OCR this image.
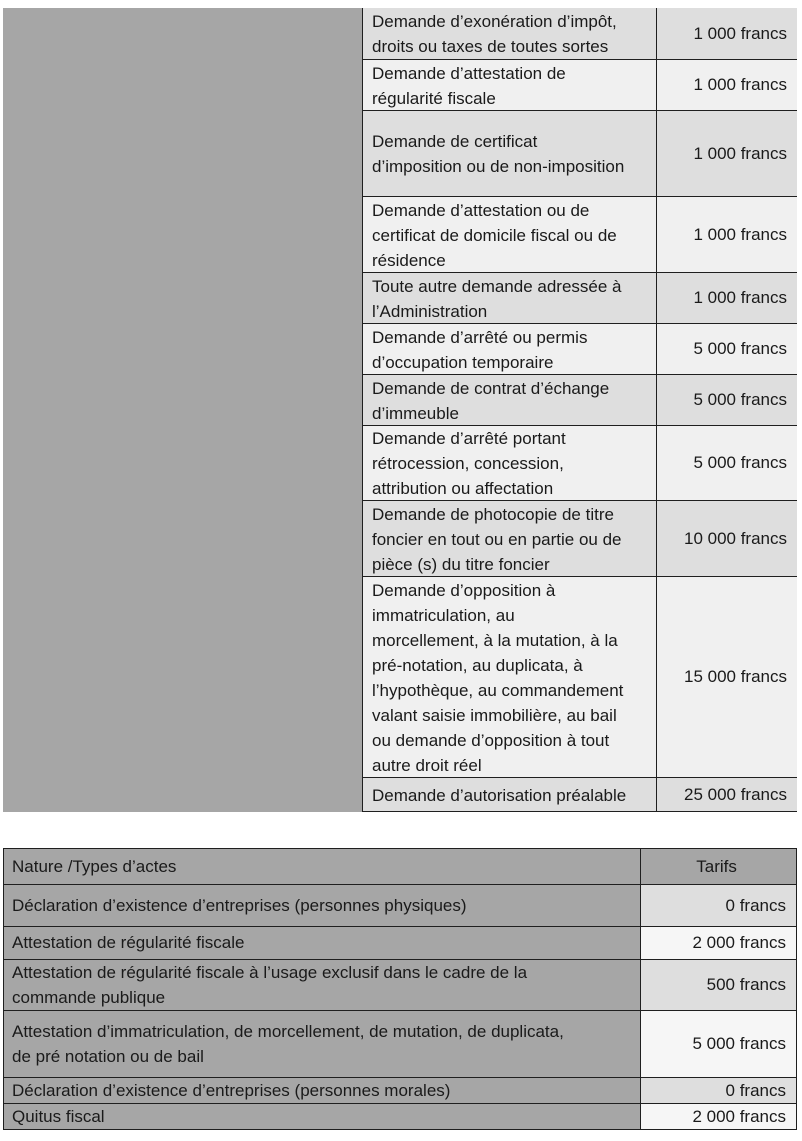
Demande d’exonération d’impôt,
droits ou taxes de toutes sortes
1 000 francs
Demande d’attestation de
régularité fiscale
1 000 francs
Demande de certificat
d’imposition ou de non-imposition
1 000 francs
Demande d’attestation ou de
certificat de domicile fiscal ou de
résidence
1 000 francs
Toute autre demande adressée à
l’Administration
1 000 francs
Demande d’arrêté ou permis
d’occupation temporaire
5 000 francs
Demande de contrat d’échange
d’immeuble
5 000 francs
Demande d’arrêté portant
rétrocession, concession,
attribution ou affectation
5 000 francs
Demande de photocopie de titre
foncier en tout ou en partie ou de
pièce (s) du titre foncier
10 000 francs
Demande d’opposition à
immatriculation, au
morcellement, à la mutation, à la
pré-notation, au duplicata, à
l’hypothèque, au commandement
valant saisie immobilière, au bail
ou demande d’opposition à tout
autre droit réel
15 000 francs
Demande d’autorisation préalable	25 000 francs
Nature /Types d’actes	Tarifs
Déclaration d’existence d’entreprises (personnes physiques)	0 francs
Attestation de régularité fiscale	2 000 francs
Attestation de régularité fiscale à l’usage exclusif dans le cadre de la
commande publique	500 francs
Attestation d’immatriculation, de morcellement, de mutation, de duplicata,
de pré notation ou de bail	5 000 francs
Déclaration d’existence d’entreprises (personnes morales)	0 francs
Quitus fiscal	2 000 francs
